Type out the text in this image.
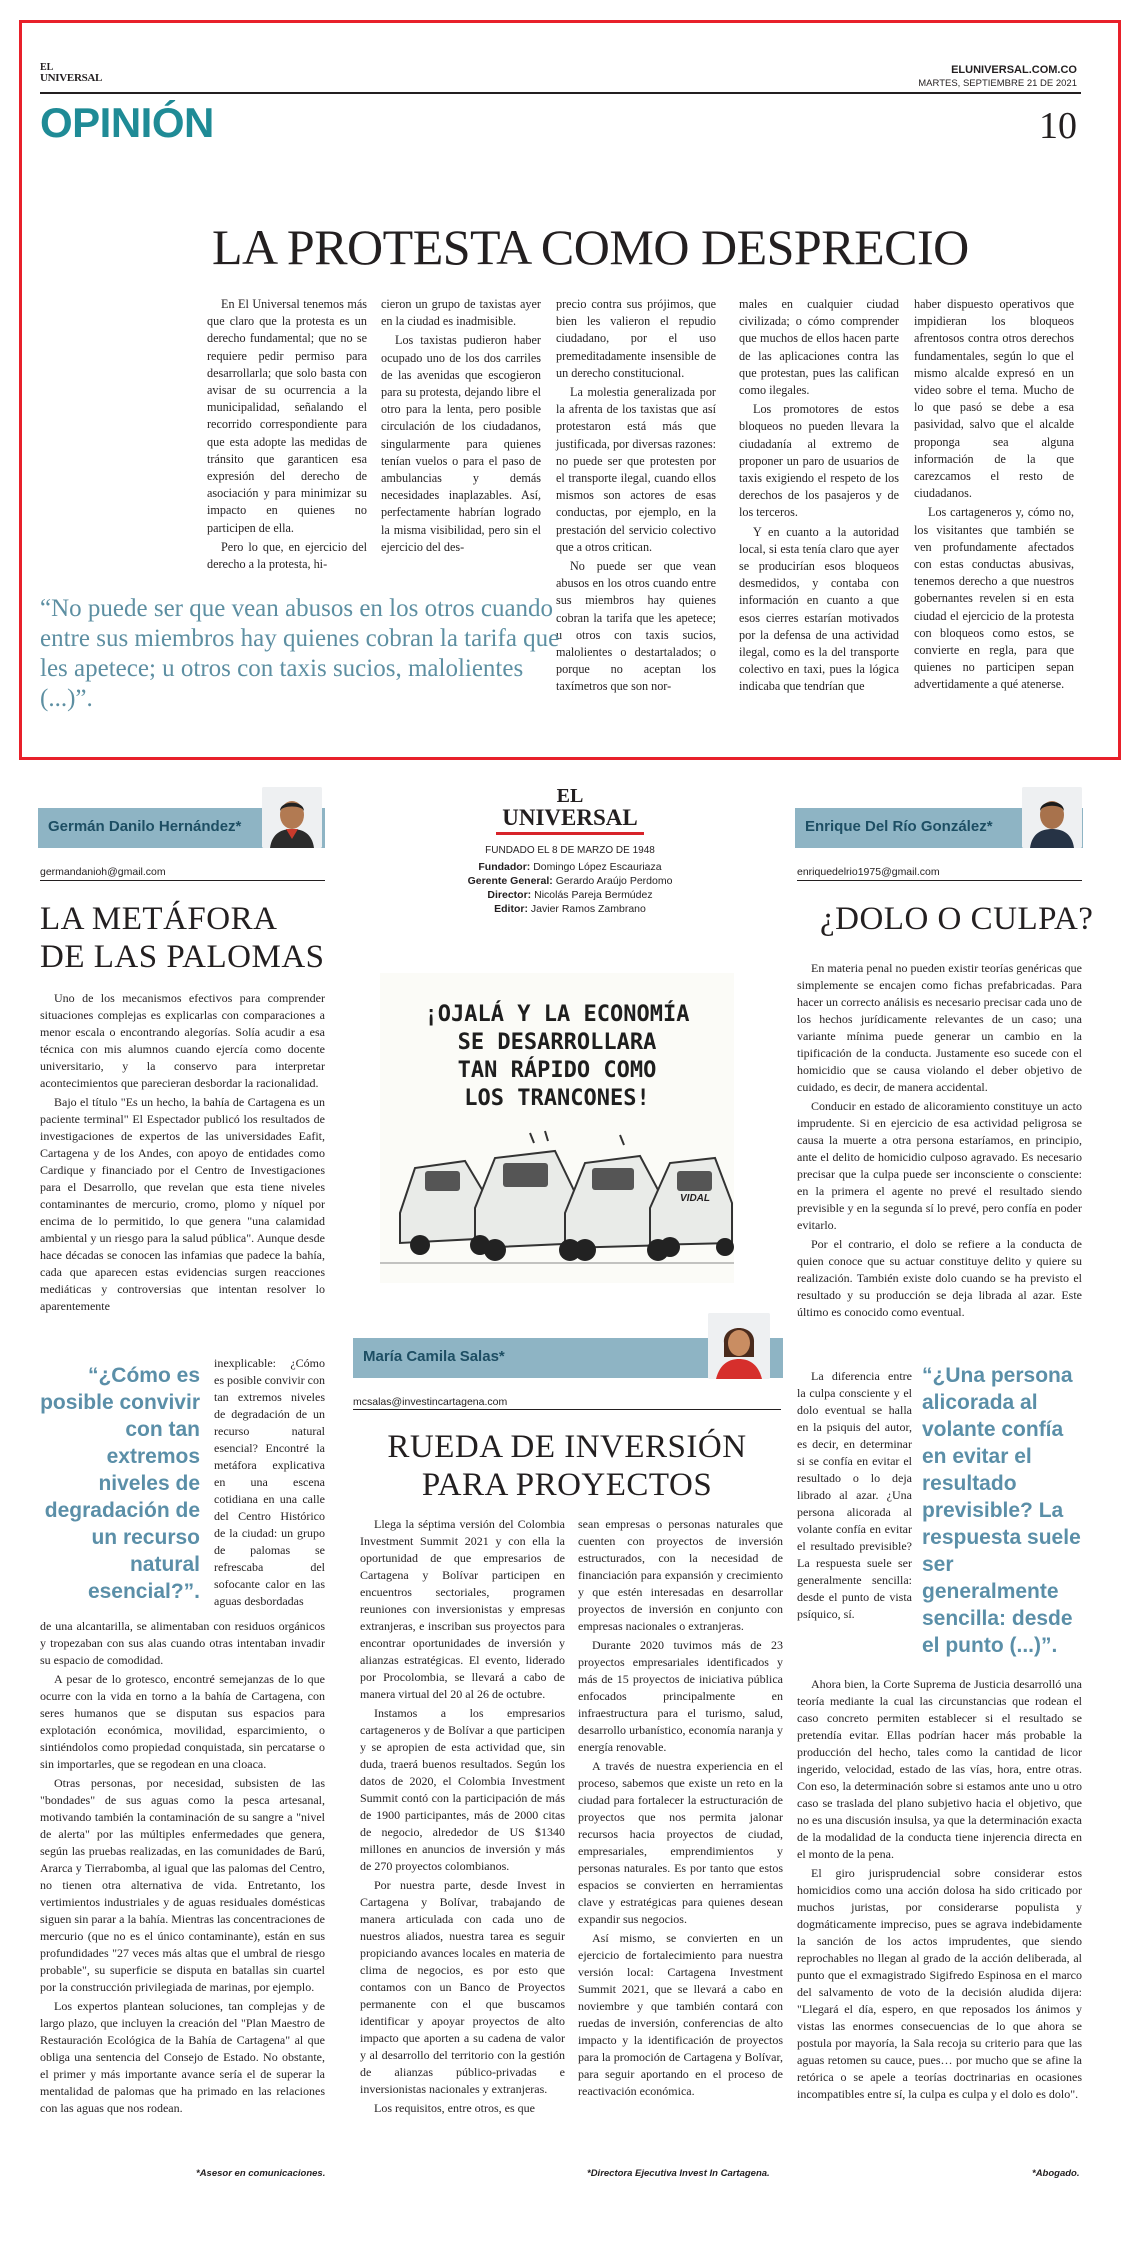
EL
UNIVERSAL
ELUNIVERSAL.COM.CO
MARTES, SEPTIEMBRE 21 DE 2021
OPINIÓN	10
LA PROTESTA COMO DESPRECIO

En El Universal tenemos más que claro que la protesta es un derecho fundamental; que no se requiere pedir permiso para desarrollarla; que solo basta con avisar de su ocurrencia a la municipalidad, señalando el recorrido correspondiente para que esta adopte las medidas de tránsito que garanticen esa expresión del derecho de asociación y para minimizar su impacto en quienes no participen de ella.

Pero lo que, en ejercicio del derecho a la protesta, hi-

cieron un grupo de taxistas ayer en la ciudad es inadmisible.

Los taxistas pudieron haber ocupado uno de los dos carriles de las avenidas que escogieron para su protesta, dejando libre el otro para la lenta, pero posible circulación de los ciudadanos, singularmente para quienes tenían vuelos o para el paso de ambulancias y demás necesidades inaplazables. Así, perfectamente habrían logrado la misma visibilidad, pero sin el ejercicio del des-

precio contra sus prójimos, que bien les valieron el repudio ciudadano, por el uso premeditadamente insensible de un derecho constitucional.

La molestia generalizada por la afrenta de los taxistas que así protestaron está más que justificada, por diversas razones: no puede ser que protesten por el transporte ilegal, cuando ellos mismos son actores de esas conductas, por ejemplo, en la prestación del servicio colectivo que a otros critican.

No puede ser que vean abusos en los otros cuando entre sus miembros hay quienes cobran la tarifa que les apetece; u otros con taxis sucios, malolientes o destartalados; o porque no aceptan los taxímetros que son nor-

males en cualquier ciudad civilizada; o cómo comprender que muchos de ellos hacen parte de las aplicaciones contra las que protestan, pues las califican como ilegales.

Los promotores de estos bloqueos no pueden llevara la ciudadanía al extremo de proponer un paro de usuarios de taxis exigiendo el respeto de los derechos de los pasajeros y de los terceros.

Y en cuanto a la autoridad local, si esta tenía claro que ayer se producirían esos bloqueos desmedidos, y contaba con información en cuanto a que esos cierres estarían motivados por la defensa de una actividad ilegal, como es la del transporte colectivo en taxi, pues la lógica indicaba que tendrían que

haber dispuesto operativos que impidieran los bloqueos afrentosos contra otros derechos fundamentales, según lo que el mismo alcalde expresó en un video sobre el tema. Mucho de lo que pasó se debe a esa pasividad, salvo que el alcalde proponga sea alguna información de la que carezcamos el resto de ciudadanos.

Los cartageneros y, cómo no, los visitantes que también se ven profundamente afectados con estas conductas abusivas, tenemos derecho a que nuestros gobernantes revelen si en esta ciudad el ejercicio de la protesta con bloqueos como estos, se convierte en regla, para que quienes no participen sepan advertidamente a qué atenerse.

“No puede ser que vean abusos en los otros cuando entre sus miembros hay quienes cobran la tarifa que les apetece; u otros con taxis sucios, malolientes (...)”.
Germán Danilo Hernández*
germandanioh@gmail.com
LA METÁFORA
DE LAS PALOMAS

Uno de los mecanismos efectivos para comprender situaciones complejas es explicarlas con comparaciones a menor escala o encontrando alegorías. Solía acudir a esa técnica con mis alumnos cuando ejercía como docente universitario, y la conservo para interpretar acontecimientos que parecieran desbordar la racionalidad.

Bajo el título "Es un hecho, la bahía de Cartagena es un paciente terminal" El Espectador publicó los resultados de investigaciones de expertos de las universidades Eafit, Cartagena y de los Andes, con apoyo de entidades como Cardique y financiado por el Centro de Investigaciones para el Desarrollo, que revelan que esta tiene niveles contaminantes de mercurio, cromo, plomo y níquel por encima de lo permitido, lo que genera "una calamidad ambiental y un riesgo para la salud pública". Aunque desde hace décadas se conocen las infamias que padece la bahía, cada que aparecen estas evidencias surgen reacciones mediáticas y controversias que intentan resolver lo aparentemente

“¿Cómo es posible convivir con tan extremos niveles de degradación de un recurso natural esencial?”.

inexplicable: ¿Cómo es posible convivir con tan extremos niveles de degradación de un recurso natural esencial? Encontré la metáfora explicativa en una escena cotidiana en una calle del Centro Histórico de la ciudad: un grupo de palomas se refrescaba del sofocante calor en las aguas desbordadas

de una alcantarilla, se alimentaban con residuos orgánicos y tropezaban con sus alas cuando otras intentaban invadir su espacio de comodidad.

A pesar de lo grotesco, encontré semejanzas de lo que ocurre con la vida en torno a la bahía de Cartagena, con seres humanos que se disputan sus espacios para explotación económica, movilidad, esparcimiento, o sintiéndolos como propiedad conquistada, sin percatarse o sin importarles, que se regodean en una cloaca.

Otras personas, por necesidad, subsisten de las "bondades" de sus aguas como la pesca artesanal, motivando también la contaminación de su sangre a "nivel de alerta" por las múltiples enfermedades que genera, según las pruebas realizadas, en las comunidades de Barú, Ararca y Tierrabomba, al igual que las palomas del Centro, no tienen otra alternativa de vida. Entretanto, los vertimientos industriales y de aguas residuales domésticas siguen sin parar a la bahía. Mientras las concentraciones de mercurio (que no es el único contaminante), están en sus profundidades "27 veces más altas que el umbral de riesgo probable", su superficie se disputa en batallas sin cuartel por la construcción privilegiada de marinas, por ejemplo.

Los expertos plantean soluciones, tan complejas y de largo plazo, que incluyen la creación del "Plan Maestro de Restauración Ecológica de la Bahía de Cartagena" al que obliga una sentencia del Consejo de Estado. No obstante, el primer y más importante avance sería el de superar la mentalidad de palomas que ha primado en las relaciones con las aguas que nos rodean.

*Asesor en comunicaciones.
EL
UNIVERSAL
FUNDADO EL 8 DE MARZO DE 1948
Fundador: Domingo López Escauriaza
Gerente General: Gerardo Araújo Perdomo
Director: Nicolás Pareja Bermúdez
Editor: Javier Ramos Zambrano
¡OJALÁ Y LA ECONOMÍA
SE DESARROLLARA
TAN RÁPIDO COMO
LOS TRANCONES!
VIDAL
María Camila Salas*
mcsalas@investincartagena.com
RUEDA DE INVERSIÓN
PARA PROYECTOS

Llega la séptima versión del Colombia Investment Summit 2021 y con ella la oportunidad de que empresarios de Cartagena y Bolívar participen en encuentros sectoriales, programen reuniones con inversionistas y empresas extranjeras, e inscriban sus proyectos para encontrar oportunidades de inversión y alianzas estratégicas. El evento, liderado por Procolombia, se llevará a cabo de manera virtual del 20 al 26 de octubre.

Instamos a los empresarios cartageneros y de Bolívar a que participen y se apropien de esta actividad que, sin duda, traerá buenos resultados. Según los datos de 2020, el Colombia Investment Summit contó con la participación de más de 1900 participantes, más de 2000 citas de negocio, alrededor de US $1340 millones en anuncios de inversión y más de 270 proyectos colombianos.

Por nuestra parte, desde Invest in Cartagena y Bolívar, trabajando de manera articulada con cada uno de nuestros aliados, nuestra tarea es seguir propiciando avances locales en materia de clima de negocios, es por esto que contamos con un Banco de Proyectos permanente con el que buscamos identificar y apoyar proyectos de alto impacto que aporten a su cadena de valor y al desarrollo del territorio con la gestión de alianzas público-privadas e inversionistas nacionales y extranjeras.

Los requisitos, entre otros, es que

sean empresas o personas naturales que cuenten con proyectos de inversión estructurados, con la necesidad de financiación para expansión y crecimiento y que estén interesadas en desarrollar proyectos de inversión en conjunto con empresas nacionales o extranjeras.

Durante 2020 tuvimos más de 23 proyectos empresariales identificados y más de 15 proyectos de iniciativa pública enfocados principalmente en infraestructura para el turismo, salud, desarrollo urbanístico, economía naranja y energía renovable.

A través de nuestra experiencia en el proceso, sabemos que existe un reto en la ciudad para fortalecer la estructuración de proyectos que nos permita jalonar recursos hacia proyectos de ciudad, empresariales, emprendimientos y personas naturales. Es por tanto que estos espacios se convierten en herramientas clave y estratégicas para quienes desean expandir sus negocios.

Así mismo, se convierten en un ejercicio de fortalecimiento para nuestra versión local: Cartagena Investment Summit 2021, que se llevará a cabo en noviembre y que también contará con ruedas de inversión, conferencias de alto impacto y la identificación de proyectos para la promoción de Cartagena y Bolívar, para seguir aportando en el proceso de reactivación económica.

*Directora Ejecutiva Invest In Cartagena.
Enrique Del Río González*
enriquedelrio1975@gmail.com
¿DOLO O CULPA?

En materia penal no pueden existir teorías genéricas que simplemente se encajen como fichas prefabricadas. Para hacer un correcto análisis es necesario precisar cada uno de los hechos jurídicamente relevantes de un caso; una variante mínima puede generar un cambio en la tipificación de la conducta. Justamente eso sucede con el homicidio que se causa violando el deber objetivo de cuidado, es decir, de manera accidental.

Conducir en estado de alicoramiento constituye un acto imprudente. Si en ejercicio de esa actividad peligrosa se causa la muerte a otra persona estaríamos, en principio, ante el delito de homicidio culposo agravado. Es necesario precisar que la culpa puede ser inconsciente o consciente: en la primera el agente no prevé el resultado siendo previsible y en la segunda sí lo prevé, pero confía en poder evitarlo.

Por el contrario, el dolo se refiere a la conducta de quien conoce que su actuar constituye delito y quiere su realización. También existe dolo cuando se ha previsto el resultado y su producción se deja librada al azar. Este último es conocido como eventual.

La diferencia entre la culpa consciente y el dolo eventual se halla en la psiquis del autor, es decir, en determinar si se confía en evitar el resultado o lo deja librado al azar. ¿Una persona alicorada al volante confía en evitar el resultado previsible? La respuesta suele ser generalmente sencilla: desde el punto de vista psíquico, sí.

“¿Una persona alicorada al volante confía en evitar el resultado previsible? La respuesta suele ser generalmente sencilla: desde el punto (...)”.

Ahora bien, la Corte Suprema de Justicia desarrolló una teoría mediante la cual las circunstancias que rodean el caso concreto permiten establecer si el resultado se pretendía evitar. Ellas podrían hacer más probable la producción del hecho, tales como la cantidad de licor ingerido, velocidad, estado de las vías, hora, entre otras. Con eso, la determinación sobre si estamos ante uno u otro caso se traslada del plano subjetivo hacia el objetivo, que no es una discusión insulsa, ya que la determinación exacta de la modalidad de la conducta tiene injerencia directa en el monto de la pena.

El giro jurisprudencial sobre considerar estos homicidios como una acción dolosa ha sido criticado por muchos juristas, por considerarse populista y dogmáticamente impreciso, pues se agrava indebidamente la sanción de los actos imprudentes, que siendo reprochables no llegan al grado de la acción deliberada, al punto que el exmagistrado Sigifredo Espinosa en el marco del salvamento de voto de la decisión aludida dijera: "Llegará el día, espero, en que reposados los ánimos y vistas las enormes consecuencias de lo que ahora se postula por mayoría, la Sala recoja su criterio para que las aguas retomen su cauce, pues… por mucho que se afine la retórica o se apele a teorías doctrinarias en ocasiones incompatibles entre sí, la culpa es culpa y el dolo es dolo".

*Abogado.
